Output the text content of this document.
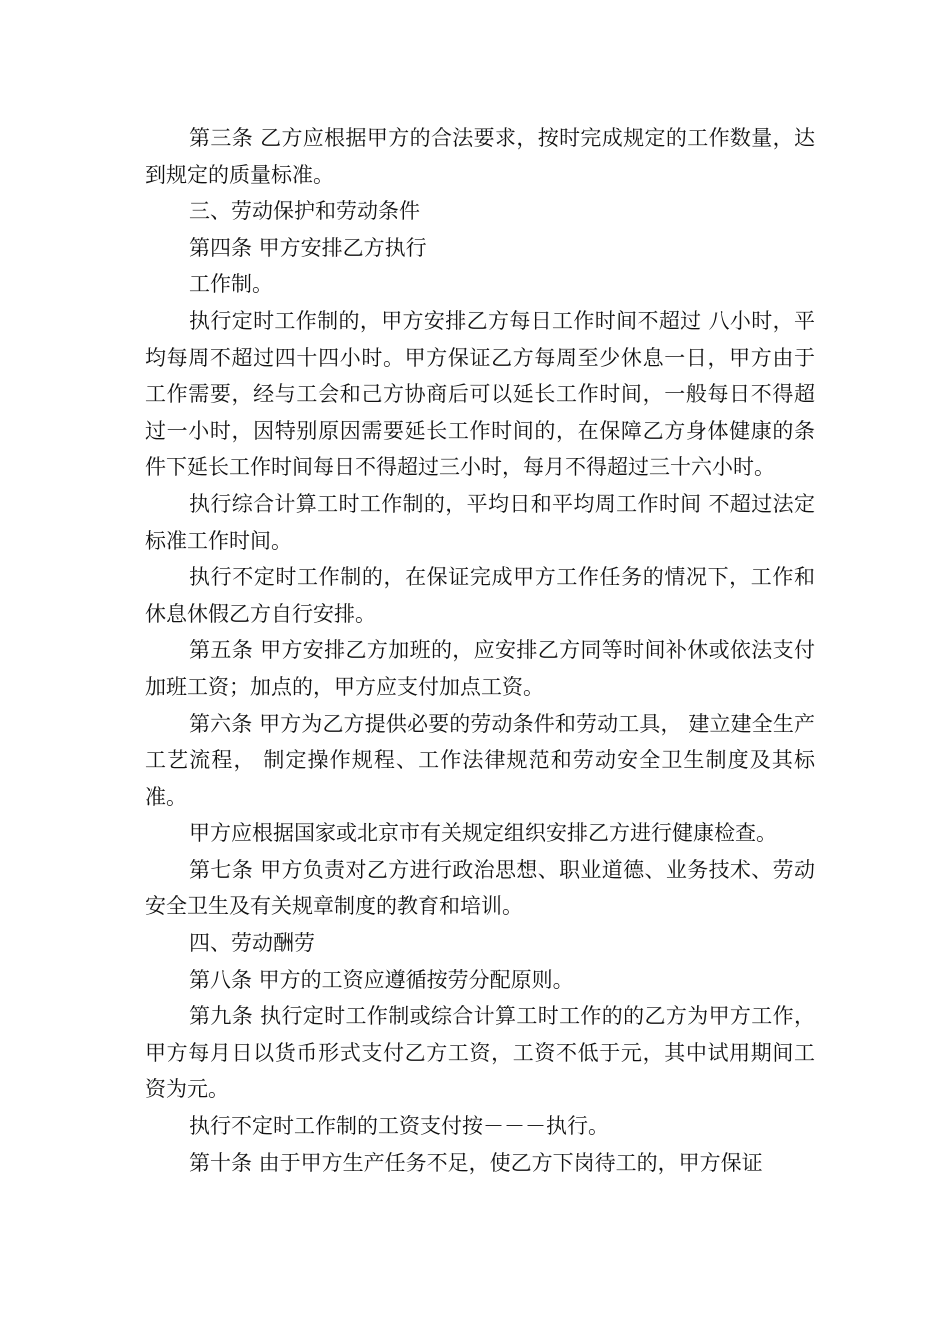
第三条 乙方应根据甲方的合法要求，按时完成规定的工作数量，达到规定的质量标准。

三、劳动保护和劳动条件

第四条 甲方安排乙方执行

工作制。

执行定时工作制的，甲方安排乙方每日工作时间不超过 八小时，平均每周不超过四十四小时。甲方保证乙方每周至少休息一日，甲方由于工作需要，经与工会和己方协商后可以延长工作时间，一般每日不得超过一小时，因特别原因需要延长工作时间的，在保障乙方身体健康的条件下延长工作时间每日不得超过三小时，每月不得超过三十六小时。

执行综合计算工时工作制的，平均日和平均周工作时间 不超过法定标准工作时间。

执行不定时工作制的，在保证完成甲方工作任务的情况下，工作和休息休假乙方自行安排。

第五条 甲方安排乙方加班的，应安排乙方同等时间补休或依法支付加班工资；加点的，甲方应支付加点工资。

第六条 甲方为乙方提供必要的劳动条件和劳动工具， 建立建全生产工艺流程， 制定操作规程、工作法律规范和劳动安全卫生制度及其标准。

甲方应根据国家或北京市有关规定组织安排乙方进行健康检查。

第七条 甲方负责对乙方进行政治思想、职业道德、业务技术、劳动安全卫生及有关规章制度的教育和培训。

四、劳动酬劳

第八条 甲方的工资应遵循按劳分配原则。

第九条 执行定时工作制或综合计算工时工作的的乙方为甲方工作，甲方每月日以货币形式支付乙方工资，工资不低于元，其中试用期间工资为元。

执行不定时工作制的工资支付按－－－执行。

第十条 由于甲方生产任务不足，使乙方下岗待工的，甲方保证
